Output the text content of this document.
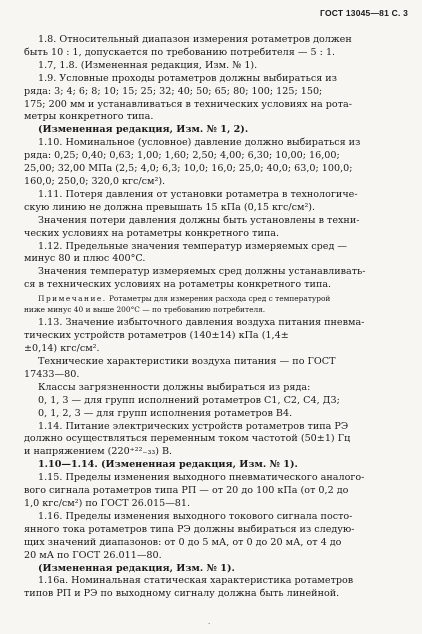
ГОСТ 13045—81 С. 3
1.8. Относительный диапазон измерения ротаметров должен
быть 10 : 1, допускается по требованию потребителя — 5 : 1.
1.7, 1.8. (Измененная редакция, Изм. № 1).
1.9. Условные проходы ротаметров должны выбираться из
ряда: 3; 4; 6; 8; 10; 15; 25; 32; 40; 50; 65; 80; 100; 125; 150;
175; 200 мм и устанавливаться в технических условиях на рота-
метры конкретного типа.
(Измененная редакция, Изм. № 1, 2).
1.10. Номинальное (условное) давление должно выбираться из
ряда: 0,25; 0,40; 0,63; 1,00; 1,60; 2,50; 4,00; 6,30; 10,00; 16,00;
25,00; 32,00 МПа (2,5; 4,0; 6,3; 10,0; 16,0; 25,0; 40,0; 63,0; 100,0;
160,0; 250,0; 320,0 кгс/см²).
1.11. Потеря давления от установки ротаметра в технологиче-
скую линию не должна превышать 15 кПа (0,15 кгс/см²).
Значения потери давления должны быть установлены в техни-
ческих условиях на ротаметры конкретного типа.
1.12. Предельные значения температур измеряемых сред —
минус 80 и плюс 400°C.
Значения температур измеряемых сред должны устанавливать-
ся в технических условиях на ротаметры конкретного типа.
Примечание. Ротаметры для измерения расхода сред с температурой
ниже минус 40 и выше 200°C — по требованию потребителя.
1.13. Значение избыточного давления воздуха питания пневма-
тических устройств ротаметров (140±14) кПа (1,4±
±0,14) кгс/см².
Технические характеристики воздуха питания — по ГОСТ
17433—80.
Классы загрязненности должны выбираться из ряда:
0, 1, 3 — для групп исполнений ротаметров С1, С2, С4, Д3;
0, 1, 2, 3 — для групп исполнения ротаметров В4.
1.14. Питание электрических устройств ротаметров типа РЭ
должно осуществляться переменным током частотой (50±1) Гц
и напряжением (220⁺²²₋₃₃) В.
1.10—1.14. (Измененная редакция, Изм. № 1).
1.15. Пределы изменения выходного пневматического аналого-
вого сигнала ротаметров типа РП — от 20 до 100 кПа (от 0,2 до
1,0 кгс/см²) по ГОСТ 26.015—81.
1.16. Пределы изменения выходного токового сигнала посто-
янного тока ротаметров типа РЭ должны выбираться из следую-
щих значений диапазонов: от 0 до 5 мА, от 0 до 20 мА, от 4 до
20 мА по ГОСТ 26.011—80.
(Измененная редакция, Изм. № 1).
1.16а. Номинальная статическая характеристика ротаметров
типов РП и РЭ по выходному сигналу должна быть линейной.
·
